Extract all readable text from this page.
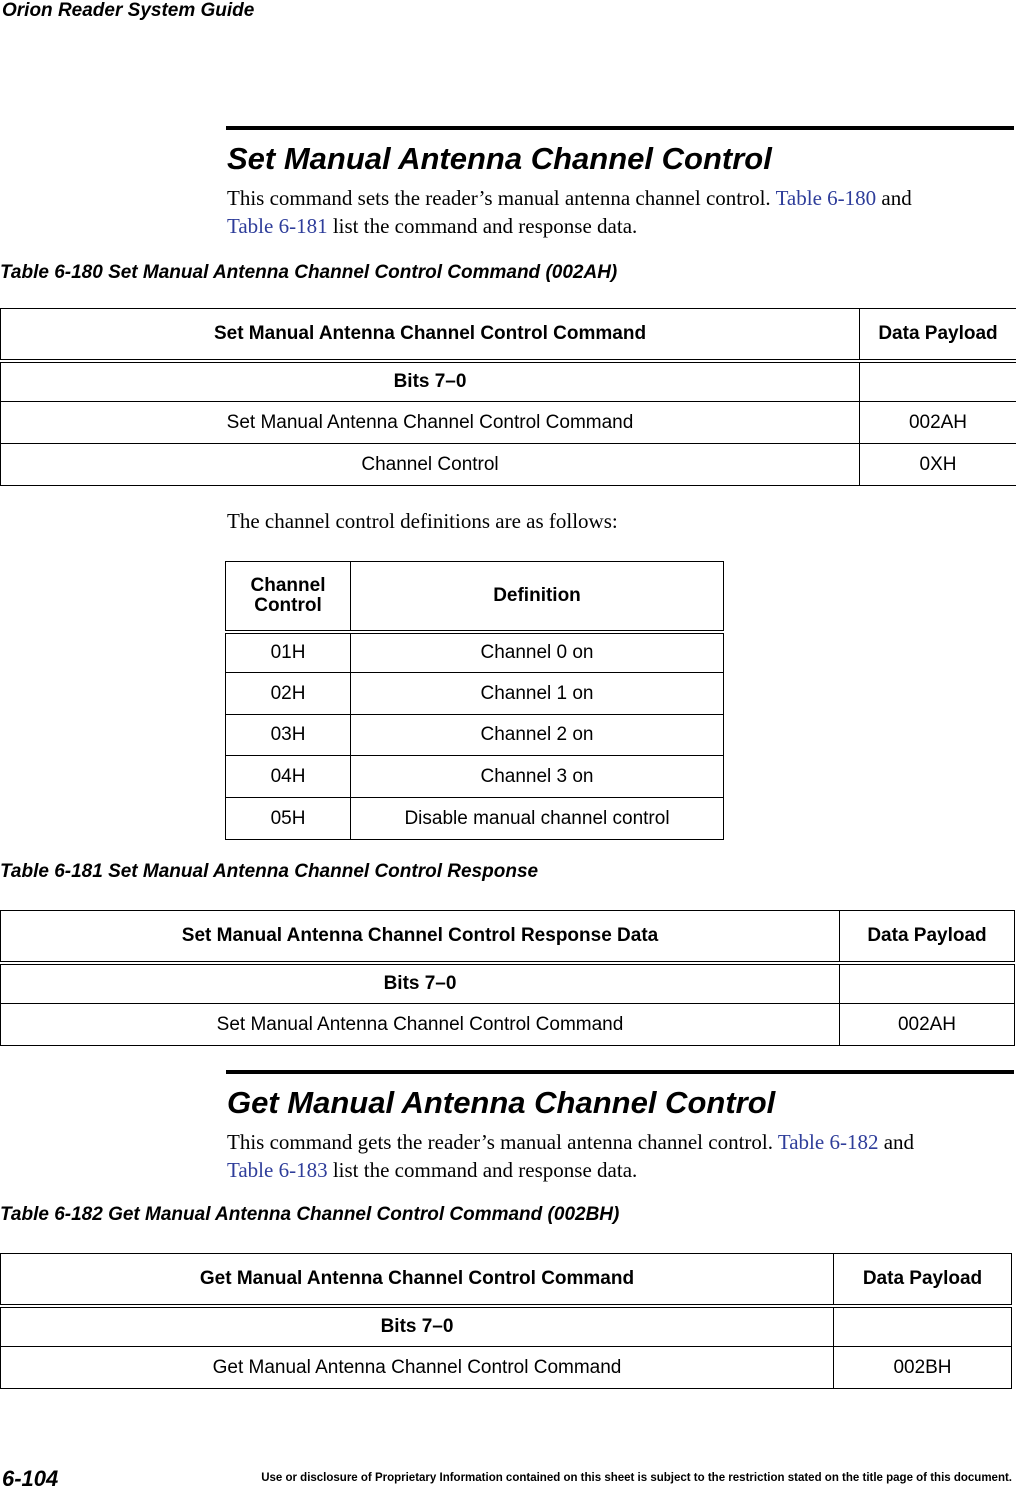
Orion Reader System Guide
Set Manual Antenna Channel Control
This command sets the reader’s manual antenna channel control. Table 6-180 and
Table 6-181 list the command and response data.
Table 6-180 Set Manual Antenna Channel Control Command (002AH)
Set Manual Antenna Channel Control Command	Data Payload
Bits 7–0	
Set Manual Antenna Channel Control Command	002AH
Channel Control	0XH
The channel control definitions are as follows:
Channel
Control	Definition
01H	Channel 0 on
02H	Channel 1 on
03H	Channel 2 on
04H	Channel 3 on
05H	Disable manual channel control
Table 6-181 Set Manual Antenna Channel Control Response
Set Manual Antenna Channel Control Response Data	Data Payload
Bits 7–0	
Set Manual Antenna Channel Control Command	002AH
Get Manual Antenna Channel Control
This command gets the reader’s manual antenna channel control. Table 6-182 and
Table 6-183 list the command and response data.
Table 6-182 Get Manual Antenna Channel Control Command (002BH)
Get Manual Antenna Channel Control Command	Data Payload
Bits 7–0	
Get Manual Antenna Channel Control Command	002BH
6-104	Use or disclosure of Proprietary Information contained on this sheet is subject to the restriction stated on the title page of this document.
